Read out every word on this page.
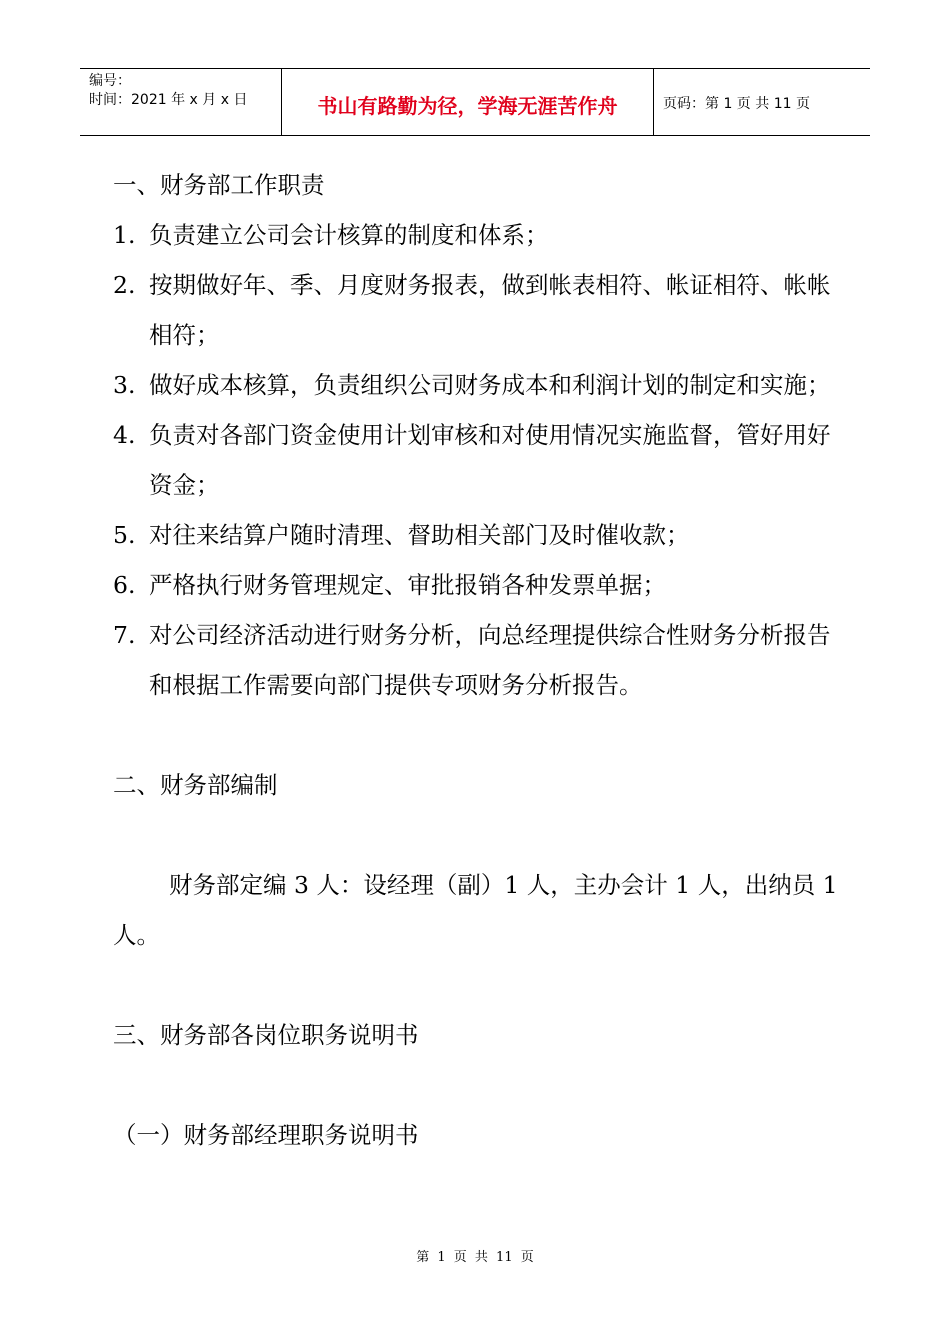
编号：
时间：2021 年 x 月 x 日	书山有路勤为径，学海无涯苦作舟	页码：第 1 页 共 11 页

一、财务部工作职责

1. 负责建立公司会计核算的制度和体系；
2. 按期做好年、季、月度财务报表，做到帐表相符、帐证相符、帐帐相符；
3. 做好成本核算，负责组织公司财务成本和利润计划的制定和实施；
4. 负责对各部门资金使用计划审核和对使用情况实施监督，管好用好资金；
5. 对往来结算户随时清理、督助相关部门及时催收款；
6. 严格执行财务管理规定、审批报销各种发票单据；
7. 对公司经济活动进行财务分析，向总经理提供综合性财务分析报告和根据工作需要向部门提供专项财务分析报告。

二、财务部编制

财务部定编 3 人：设经理（副）1 人，主办会计 1 人，出纳员 1 人。

三、财务部各岗位职务说明书

（一）财务部经理职务说明书

第 1 页 共 11 页
